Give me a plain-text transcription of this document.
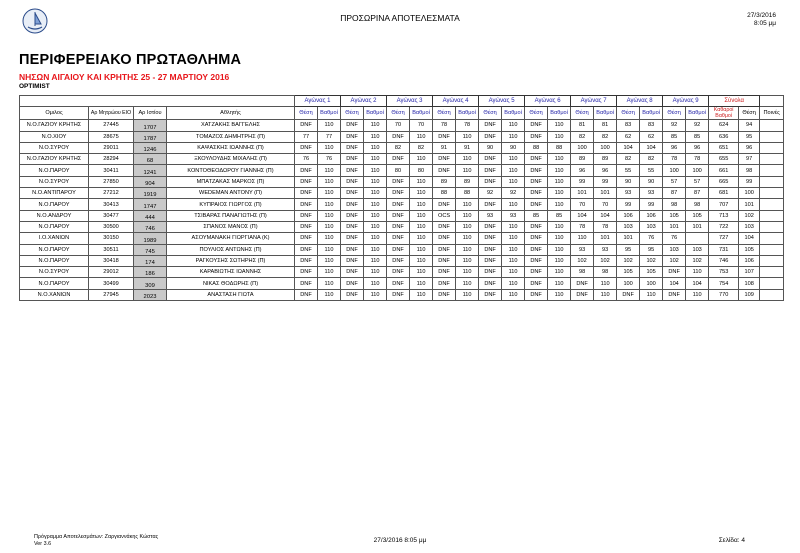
ΠΡΟΣΩΡΙΝΑ ΑΠΟΤΕΛΕΣΜΑΤΑ	27/3/2016
8:05 μμ
ΠΕΡΙΦΕΡΕΙΑΚΟ ΠΡΩΤΑΘΛΗΜΑ
ΝΗΣΩΝ ΑΙΓΑΙΟΥ ΚΑΙ ΚΡΗΤΗΣ 25 - 27 ΜΑΡΤΙΟΥ 2016
OPTIMIST
				Αγώνας 1		Αγώνας 2		Αγώνας 3		Αγώνας 4		Αγώνας 5		Αγώνας 6		Αγώνας 7		Αγώνας 8		Αγώνας 9		Σύνολα		
Ομιλος	Αρ Μητρώου ΕΙΟ	Αρ Ιστίου	Αθλητής	Θέση	Βαθμοί	Θέση	Βαθμοί	Θέση	Βαθμοί	Θέση	Βαθμοί	Θέση	Βαθμοί	Θέση	Βαθμοί	Θέση	Βαθμοί	Θέση	Βαθμοί	Θέση	Βαθμοί	Καθαροί Βαθμοί	Θέση	Ποινές
Ν.Ο.ΓΑΖΙΟΥ ΚΡΗΤΗΣ	27445	1707	ΧΑΤΖΑΚΗΣ ΒΑΓΓΕΛΗΣ	DNF	110	DNF	110	70	70	78	78	DNF	110	DNF	110	81	81	83	83	92	92	624	94	
Ν.Ο.ΧΙΟΥ	28675	1787	ΤΟΜΑΖΟΣ ΔΗΜΗΤΡΗΣ (Π)	77	77	DNF	110	DNF	110	DNF	110	DNF	110	DNF	110	82	82	62	62	85	85	636	95	
Ν.Ο.ΣΥΡΟΥ	29011	1246	ΚΑΨΑΣΚΗΣ ΙΩΑΝΝΗΣ (Π)	DNF	110	DNF	110	82	82	91	91	90	90	88	88	100	100	104	104	96	96	651	96	
Ν.Ο.ΓΑΖΙΟΥ ΚΡΗΤΗΣ	28294	68	ΞΚΟΥΛΟΥΔΗΣ ΜΙΧΑΛΗΣ (Π)	76	76	DNF	110	DNF	110	DNF	110	DNF	110	DNF	110	89	89	82	82	78	78	655	97	
Ν.Ο.ΠΑΡΟΥ	30411	1241	ΚΟΝΤΟΘΕΟΔΩΡΟΥ ΓΙΑΝΝΗΣ (Π)	DNF	110	DNF	110	80	80	DNF	110	DNF	110	DNF	110	96	96	55	55	100	100	661	98	
Ν.Ο.ΣΥΡΟΥ	27850	904	ΜΠΑΤΖΑΚΑΣ ΜΑΡΚΟΣ (Π)	DNF	110	DNF	110	DNF	110	89	89	DNF	110	DNF	110	99	99	90	90	57	57	665	99	
Ν.Ο.ΑΝΤΙΠΑΡΟΥ	27212	1919	WEDEMAN ANTONY (Π)	DNF	110	DNF	110	DNF	110	88	88	92	92	DNF	110	101	101	93	93	87	87	681	100	
Ν.Ο.ΠΑΡΟΥ	30413	1747	ΚΥΠΡΑΙΟΣ ΓΙΩΡΓΟΣ (Π)	DNF	110	DNF	110	DNF	110	DNF	110	DNF	110	DNF	110	70	70	99	99	98	98	707	101	
Ν.Ο.ΑΝΔΡΟΥ	30477	444	ΤΣΙΒΑΡΑΣ ΠΑΝΑΓΙΩΤΗΣ (Π)	DNF	110	DNF	110	DNF	110	OCS	110	93	93	85	85	104	104	106	106	105	105	713	102	
Ν.Ο.ΠΑΡΟΥ	30500	746	ΣΠΑΝΟΣ ΜΑΝΟΣ (Π)	DNF	110	DNF	110	DNF	110	DNF	110	DNF	110	DNF	110	78	78	103	103	101	101	722	103	
Ι.Ο.ΧΑΝΙΩΝ	30150	1989	ΑΣΟΥΜΑΝΑΚΗ ΓΙΩΡΓΙΑΝΑ (Κ)	DNF	110	DNF	110	DNF	110	DNF	110	DNF	110	DNF	110	110	101	101	76	76		727	104	
Ν.Ο.ΠΑΡΟΥ	30511	745	ΠΟΥΛΙΟΣ ΑΝΤΩΝΗΣ (Π)	DNF	110	DNF	110	DNF	110	DNF	110	DNF	110	DNF	110	93	93	95	95	103	103	731	105	
Ν.Ο.ΠΑΡΟΥ	30418	174	ΡΑΓΚΟΥΣΗΣ ΣΩΤΗΡΗΣ (Π)	DNF	110	DNF	110	DNF	110	DNF	110	DNF	110	DNF	110	102	102	102	102	102	102	746	106	
Ν.Ο.ΣΥΡΟΥ	29012	186	ΚΑΡΑΒΙΩΤΗΣ ΙΩΑΝΝΗΣ	DNF	110	DNF	110	DNF	110	DNF	110	DNF	110	DNF	110	98	98	105	105	DNF	110	753	107	
Ν.Ο.ΠΑΡΟΥ	30499	309	ΝΙΚΑΣ ΘΟΔΩΡΗΣ (Π)	DNF	110	DNF	110	DNF	110	DNF	110	DNF	110	DNF	110	DNF	110	100	100	104	104	754	108	
Ν.Ο.ΧΑΝΙΩΝ	27945	2023	ΑΝΑΣΤΑΣΗ ΓΙΩΤΑ	DNF	110	DNF	110	DNF	110	DNF	110	DNF	110	DNF	110	DNF	110	DNF	110	DNF	110	770	109	
Πρόγραμμα Αποτελεσμάτων: Ζαργιαννάκης Κώστας
Ver 3.6	27/3/2016 8:05 μμ	Σελίδα: 4
